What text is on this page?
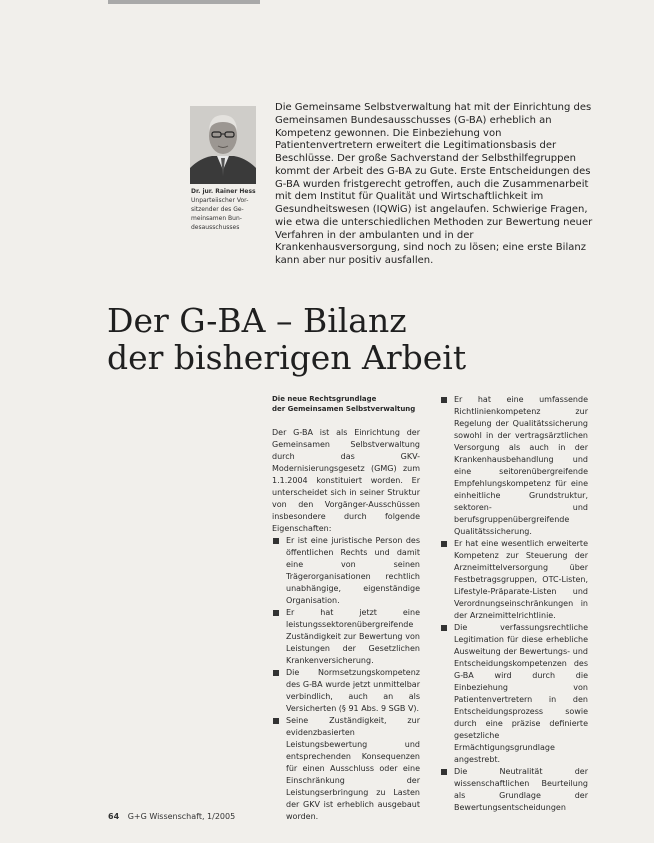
Dr. jur. Rainer Hess
Unparteiischer Vor-
sitzender des Ge-
meinsamen Bun-
desausschusses

Die Gemeinsame Selbstverwaltung hat mit der Einrichtung des Gemeinsamen Bundesausschusses (G-BA) erheblich an Kompetenz gewonnen. Die Einbeziehung von Patientenvertretern erweitert die Legitimationsbasis der Beschlüsse. Der große Sachverstand der Selbsthilfegruppen kommt der Arbeit des G-BA zu Gute. Erste Entscheidungen des G-BA wurden fristgerecht getroffen, auch die Zusammenarbeit mit dem Institut für Qualität und Wirtschaftlichkeit im Gesundheitswesen (IQWiG) ist angelaufen. Schwierige Fragen, wie etwa die unterschiedlichen Methoden zur Bewertung neuer Verfahren in der ambulanten und in der Krankenhausversorgung, sind noch zu lösen; eine erste Bilanz kann aber nur positiv ausfallen.

Der G-BA – Bilanz
der bisherigen Arbeit
Die neue Rechtsgrundlage
der Gemeinsamen Selbstverwaltung

Der G-BA ist als Einrichtung der Gemeinsamen Selbstverwaltung durch das GKV-Modernisierungsgesetz (GMG) zum 1.1.2004 konstituiert worden. Er unterscheidet sich in seiner Struktur von den Vorgänger-Ausschüssen insbesondere durch folgende Eigenschaften:

Er ist eine juristische Person des öffentlichen Rechts und damit eine von seinen Trägerorganisationen rechtlich unabhängige, eigenständige Organisation.
Er hat jetzt eine leistungssektorenübergreifende Zuständigkeit zur Bewertung von Leistungen der Gesetzlichen Krankenversicherung.
Die Normsetzungskompetenz des G-BA wurde jetzt unmittelbar verbindlich, auch an als Versicherten (§ 91 Abs. 9 SGB V).
Seine Zuständigkeit, zur evidenzbasierten Leistungsbewertung und entsprechenden Konsequenzen für einen Ausschluss oder eine Einschränkung der Leistungserbringung zu Lasten der GKV ist erheblich ausgebaut worden.
Er hat eine umfassende Richtlinienkompetenz zur Regelung der Qualitätssicherung sowohl in der vertragsärztlichen Versorgung als auch in der Krankenhausbehandlung und eine seitorenübergreifende Empfehlungskompetenz für eine einheitliche Grundstruktur, sektoren- und berufsgruppenübergreifende Qualitätssicherung.
Er hat eine wesentlich erweiterte Kompetenz zur Steuerung der Arzneimittelversorgung über Festbetragsgruppen, OTC-Listen, Lifestyle-Präparate-Listen und Verordnungseinschränkungen in der Arzneimittelrichtlinie.
Die verfassungsrechtliche Legitimation für diese erhebliche Ausweitung der Bewertungs- und Entscheidungskompetenzen des G-BA wird durch die Einbeziehung von Patientenvertretern in den Entscheidungsprozess sowie durch eine präzise definierte gesetzliche Ermächtigungsgrundlage angestrebt.
Die Neutralität der wissenschaftlichen Beurteilung als Grundlage der Bewertungsentscheidungen
64 G+G Wissenschaft, 1/2005
